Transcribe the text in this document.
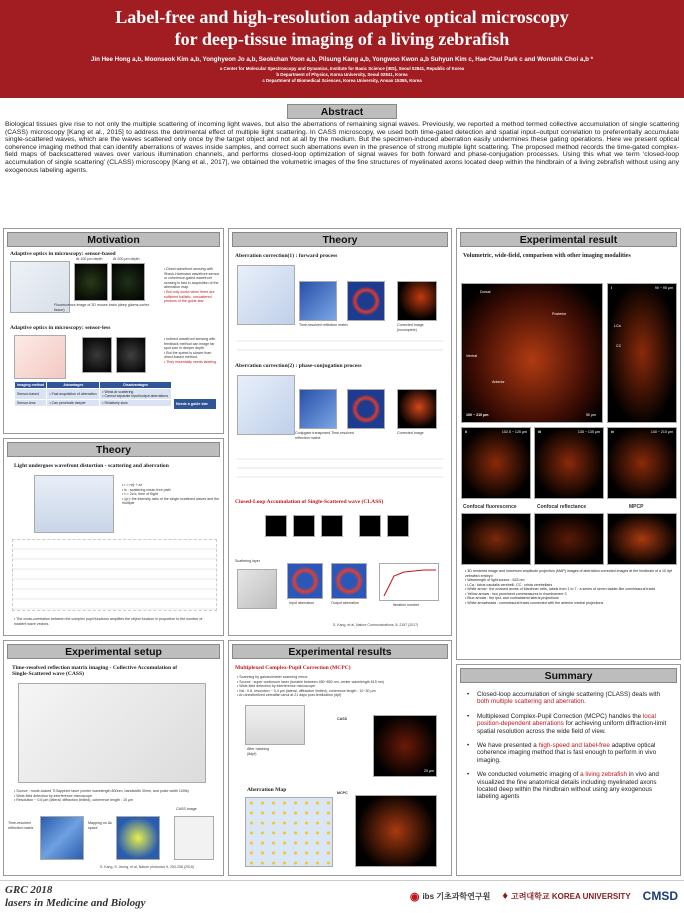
Label-free and high-resolution adaptive optical microscopy
for deep-tissue imaging of a living zebrafish
Jin Hee Hong a,b, Moonseok Kim a,b, Yonghyeon Jo a,b, Seokchan Yoon a,b, Pilsung Kang a,b, Yongwoo Kwon a,b Suhyun Kim c, Hae-Chul Park c and Wonshik Choi a,b *
a Center for Molecular Spectroscopy and Dynamics, Institute for Basic Science (IBS), Seoul 02841, Republic of Korea
b Department of Physics, Korea University, Seoul 02841, Korea
c Department of Biomedical Sciences, Korea University, Ansan 15355, Korea
Abstract
Biological tissues give rise to not only the multiple scattering of incoming light waves, but also the aberrations of remaining signal waves. Previously, we reported a method termed collective accumulation of single scattering (CASS) microscopy [Kang et al., 2015] to address the detrimental effect of multiple light scattering. In CASS microscopy, we used both time-gated detection and spatial input–output correlation to preferentially accumulate single-scattered waves, which are the waves scattered only once by the target object and not at all by the medium. But the specimen-induced aberration easily undermines these gating operations. Here we present optical coherence imaging method that can identify aberrations of waves inside samples, and correct such aberrations even in the presence of strong multiple light scattering. The proposed method records the time-gated complex-field maps of backscattered waves over various illumination channels, and performs closed-loop optimization of signal waves for both forward and phase-conjugation processes. Using this what we term ‘closed-loop accumulation of single scattering’ (CLASS) microscopy [Kang et al., 2017], we obtained the volumetric images of the fine structures of myelinated axons located deep within the hindbrain of a living zebrafish without using any exogenous labeling agents.
Motivation
Adaptive optics in microscopy: sensor-based
At 100 μm depth	At 200 μm depth
Fluorescence image of 3D mouse brain (deep glioma cortex tissue)
• Direct wavefront sensing with Shack-Hartmann wavefront sensor or coherence-gated wavefront sensing is fast in acquisition of the aberration map.
• But only works when there are sufficient ballistic, unscattered photons of the guide star.
Adaptive optics in microscopy: sensor-less
• Indirect wavefront sensing with feedback method can image far spot size in deeper depth.
• But the speed is slower than direct-based method.
• They essentially needs labeling.
Imaging method	Advantages	Disadvantages
Sensor-based	• Fast acquisition of aberration	• Weak at scattering
• Cannot separate input/output aberrations
Sensor-less	• Can penetrate deeper	• Relatively slow	Needs a guide star
Theory
Light undergoes wavefront distortion - scattering and aberration
• r = rxy̌ + zž
• ls : scattering mean free path
• τ = 2z/c, time of flight
• γ(r): the intensity ratio of the single scattered waves and the multiple
• The cross-correlation between the complex pupil functions amplifies the object function in proportion to the number of incident wave vectors.
Experimental setup
Time-resolved reflection matrix imaging - Collective Accumulation of Single-Scattered wave (CASS)
• Source : mode-locked Ti:Sapphire laser (center wavelength 800nm, bandwidth 30nm, and pulse width 100fs)
• Wide-field detection by interference microscope
• Resolution ~ 0.6 μm (lateral, diffraction limited), coherence length : 15 μm
Time-resolved reflection matrix
Mapping on Δk space
CASS image
S. Kang, S. Jeong, et al, Nature photonics 9, 253-258 (2015)
Theory
Aberration correction(1) : forward process
Time-resolved reflection matrix	Corrected image (incomplete)
Aberration correction(2) : phase-conjugation process
Conjugate transposed Time-resolved reflection matrix
Corrected image
Closed-Loop Accumulation of Single-Scattered wave (CLASS)
Scattering layer
Input aberration	Output aberration	Iteration number
S. Kang, et al, Nature Communications, 8, 2157 (2017)
Experimental results
Multiplexed Complex-Pupil Correction (MCPC)
• Scanning by galvanometer scanning mirror
• Source : super continuum laser (tunable between 450~850 nm, center wavelength 615 nm)
• Wide-field detection by interference microscope
• NA : 0.8, resolution ~ 0.4 μm (lateral, diffraction limited), coherence length : 10~30 μm
• An anesthetized zebrafish larva at 21 days post-fertilization (dpf)
After hatching (8dpf)
CASS
20 μm
Aberration Map	MCPC
Experimental result
Volumetric, wide-field, comparison with other imaging modalities
Dorsal
Posterior
Anterior
Ventral
100 ~ 210 μm	50 μm
i	90 ~ 95 μm
LCa
CC
ii	102.5 ~ 125 μm	iii	135 ~ 135 μm	iv	140 ~ 210 μm
Confocal fluorescence	Confocal reflectance	MPCP
• 3D rendered image and maximum amplitude projection (MAP) images of aberration corrected images at the hindbrain of a 10 dpf zebrafish embryo
• Wavelength of light source : 633 nm
• LCa : lobus caudalis cerebelli, CC : crista cerebellaris
• White arrow : the crossed axons of Mauthner cells, labels from 1 to 7 : a series of seven ladder-like commissural tracts
• Yellow arrows : two prominent commeasures in rhombomere 3
• Blue arrows : the ipsi- and contralateral lateral projections
• White arrowheads : commissural tracts connected with the anterior medial projections
Summary
• Closed-loop accumulation of single scattering (CLASS) deals with both multiple scattering and aberration.
• Multiplexed Complex-Pupil Correction (MCPC) handles the local position-dependent aberrations for achieving uniform diffraction-limit spatial resolution across the wide field of view.
• We have presented a high-speed and label-free adaptive optical coherence imaging method that is fast enough to perform in vivo imaging.
• We conducted volumetric imaging of a living zebrafish in vivo and visualized the fine anatomical details including myelinated axons located deep within the hindbrain without using any exogenous labeling agents
GRC 2018
lasers in Medicine and Biology
◉ ibs 기초과학연구원 ♦ 고려대학교 KOREA UNIVERSITY CMSD
